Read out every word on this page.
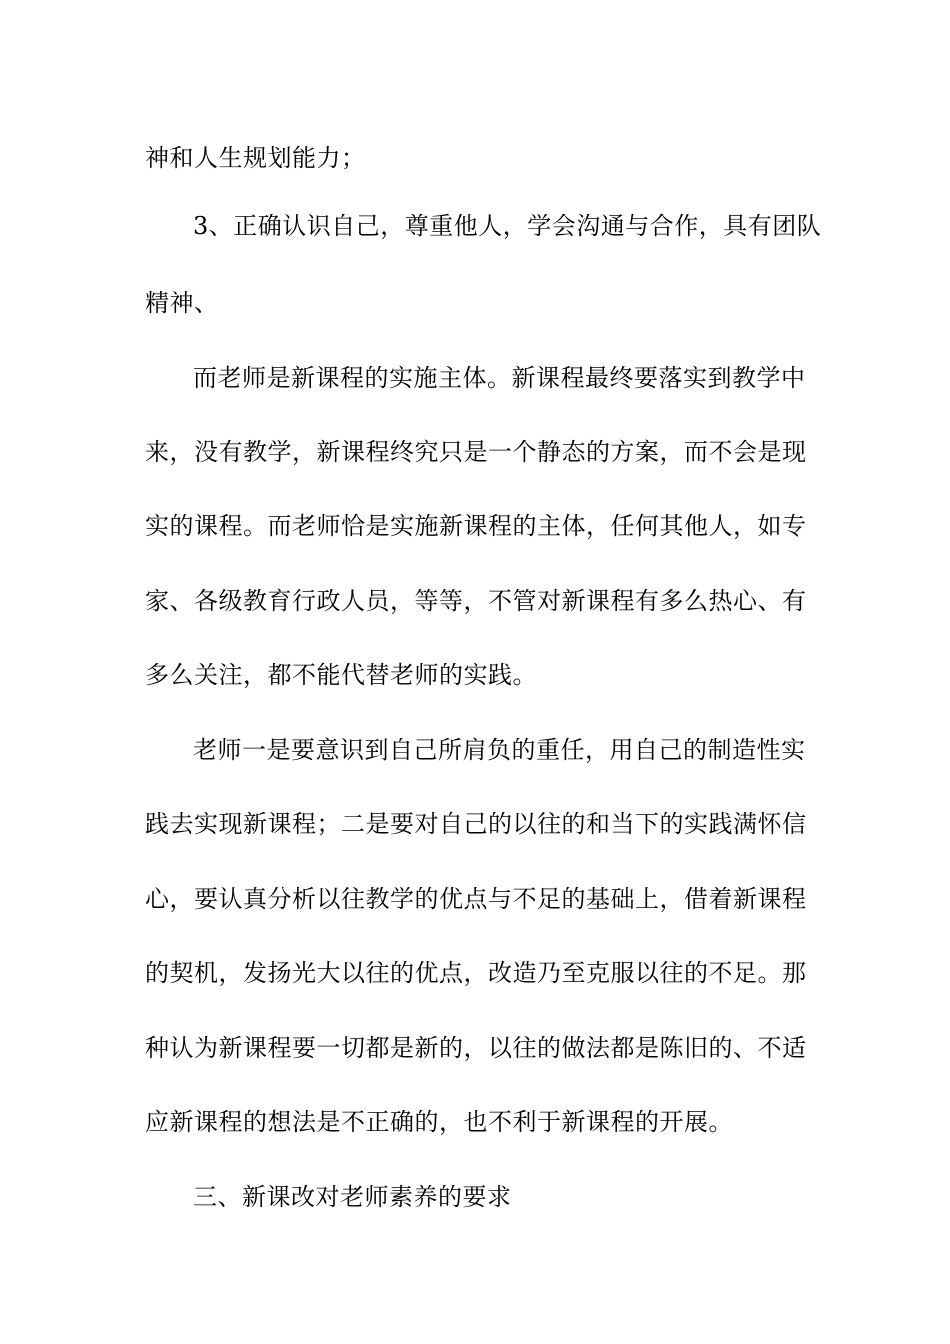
神和人生规划能力；
3、正确认识自己，尊重他人，学会沟通与合作，具有团队
精神、
而老师是新课程的实施主体。新课程最终要落实到教学中
来，没有教学，新课程终究只是一个静态的方案，而不会是现
实的课程。而老师恰是实施新课程的主体，任何其他人，如专
家、各级教育行政人员，等等，不管对新课程有多么热心、有
多么关注，都不能代替老师的实践。
老师一是要意识到自己所肩负的重任，用自己的制造性实
践去实现新课程；二是要对自己的以往的和当下的实践满怀信
心，要认真分析以往教学的优点与不足的基础上，借着新课程
的契机，发扬光大以往的优点，改造乃至克服以往的不足。那
种认为新课程要一切都是新的，以往的做法都是陈旧的、不适
应新课程的想法是不正确的，也不利于新课程的开展。
三、新课改对老师素养的要求
